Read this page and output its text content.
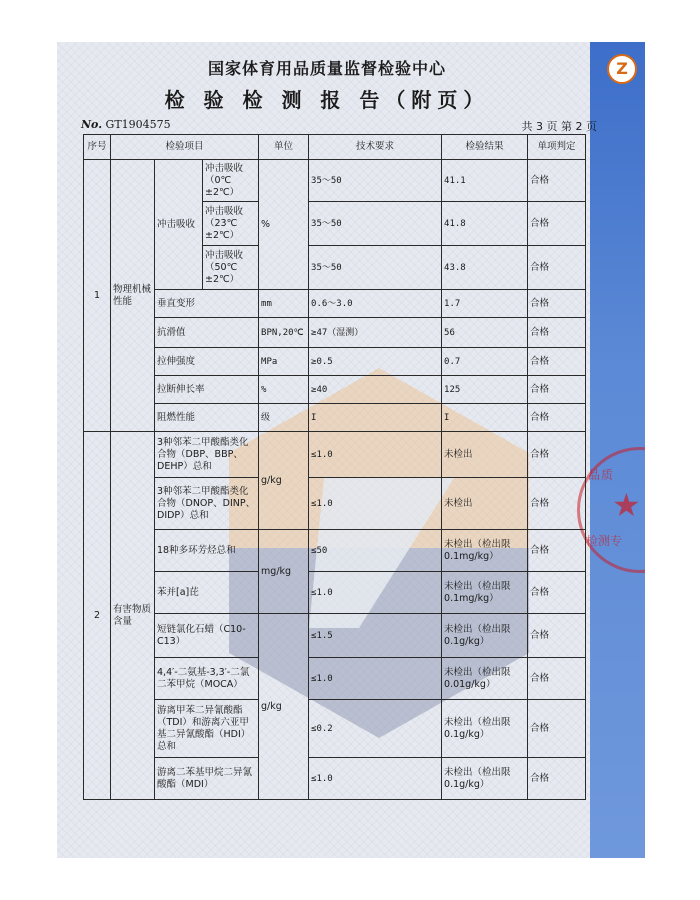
Z
品质
★
检测专
国家体育用品质量监督检验中心
检 验 检 测 报 告（附页）
No. GT1904575	共 3 页 第 2 页
序号	检验项目			单位	技术要求	检验结果	单项判定
1	物理机械性能	冲击吸收	冲击吸收（0℃±2℃）	%	35～50	41.1	合格
			冲击吸收（23℃±2℃）		35～50	41.8	合格
			冲击吸收（50℃±2℃）		35～50	43.8	合格
		垂直变形		mm	0.6～3.0	1.7	合格
		抗滑值		BPN,20℃	≥47（湿测）	56	合格
		拉伸强度		MPa	≥0.5	0.7	合格
		拉断伸长率		%	≥40	125	合格
		阻燃性能		级	I	I	合格
2	有害物质含量	3种邻苯二甲酸酯类化合物（DBP、BBP、DEHP）总和		g/kg	≤1.0	未检出	合格
		3种邻苯二甲酸酯类化合物（DNOP、DINP、DIDP）总和			≤1.0	未检出	合格
		18种多环芳烃总和		mg/kg	≤50	未检出（检出限0.1mg/kg）	合格
		苯并[a]芘			≤1.0	未检出（检出限0.1mg/kg）	合格
		短链氯化石蜡（C10-C13）		g/kg	≤1.5	未检出（检出限0.1g/kg）	合格
		4,4′-二氨基-3,3′-二氯二苯甲烷（MOCA）			≤1.0	未检出（检出限0.01g/kg）	合格
		游离甲苯二异氰酸酯（TDI）和游离六亚甲基二异氰酸酯（HDI）总和			≤0.2	未检出（检出限0.1g/kg）	合格
		游离二苯基甲烷二异氰酸酯（MDI）			≤1.0	未检出（检出限0.1g/kg）	合格
